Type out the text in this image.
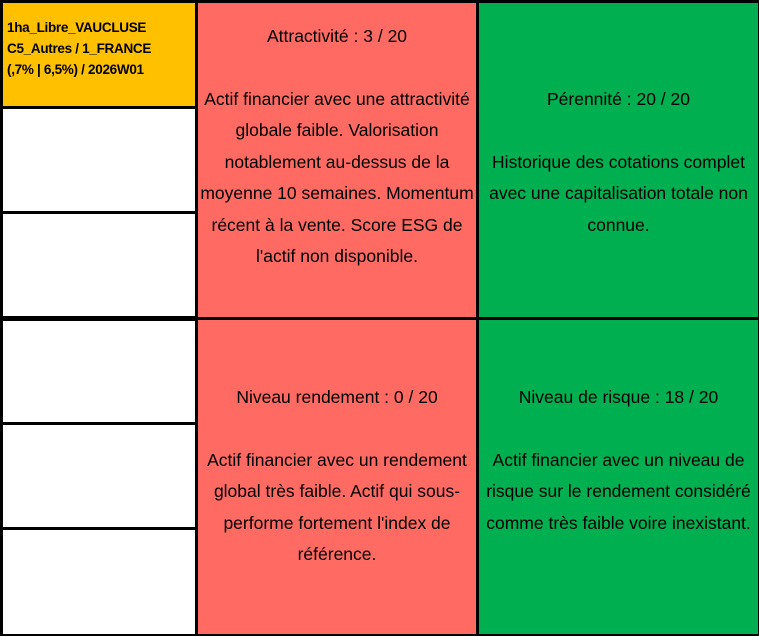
1ha_Libre_VAUCLUSE
C5_Autres / 1_FRANCE
(,7% | 6,5%) / 2026W01
Attractivité : 3 / 20
Actif financier avec une attractivité globale faible. Valorisation notablement au-dessus de la moyenne 10 semaines. Momentum récent à la vente. Score ESG de l'actif non disponible.
Pérennité : 20 / 20
Historique des cotations complet avec une capitalisation totale non connue.
Niveau rendement : 0 / 20
Actif financier avec un rendement global très faible. Actif qui sous-performe fortement l'index de référence.
Niveau de risque : 18 / 20
Actif financier avec un niveau de risque sur le rendement considéré comme très faible voire inexistant.
